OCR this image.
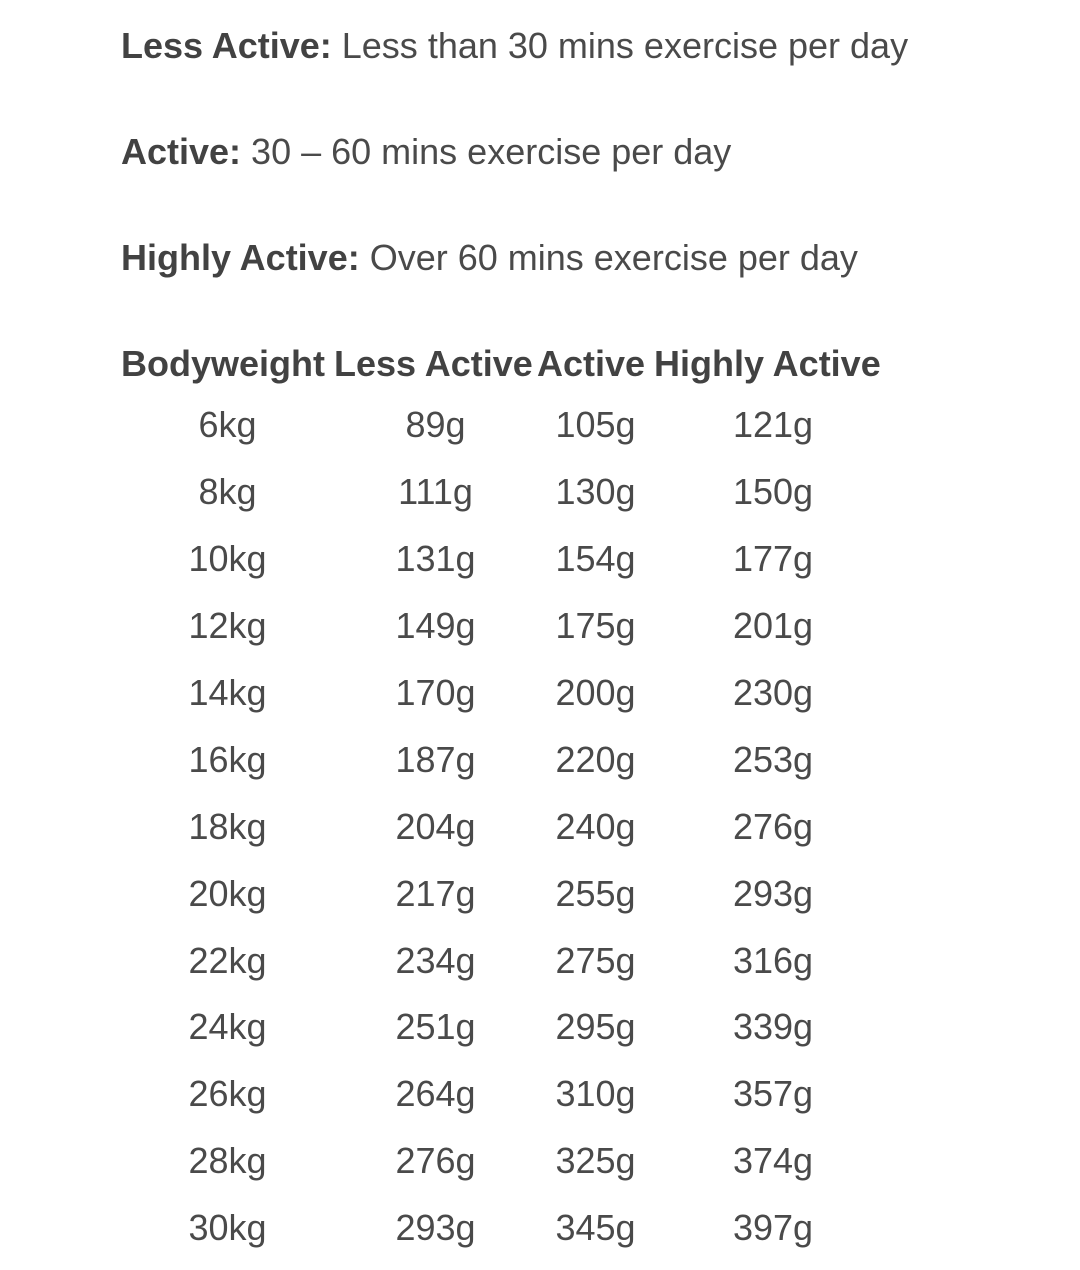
Less Active: Less than 30 mins exercise per day

Active: 30 – 60 mins exercise per day

Highly Active: Over 60 mins exercise per day

Bodyweight	Less Active	Active	Highly Active
6kg	89g	105g	121g
8kg	111g	130g	150g
10kg	131g	154g	177g
12kg	149g	175g	201g
14kg	170g	200g	230g
16kg	187g	220g	253g
18kg	204g	240g	276g
20kg	217g	255g	293g
22kg	234g	275g	316g
24kg	251g	295g	339g
26kg	264g	310g	357g
28kg	276g	325g	374g
30kg	293g	345g	397g
